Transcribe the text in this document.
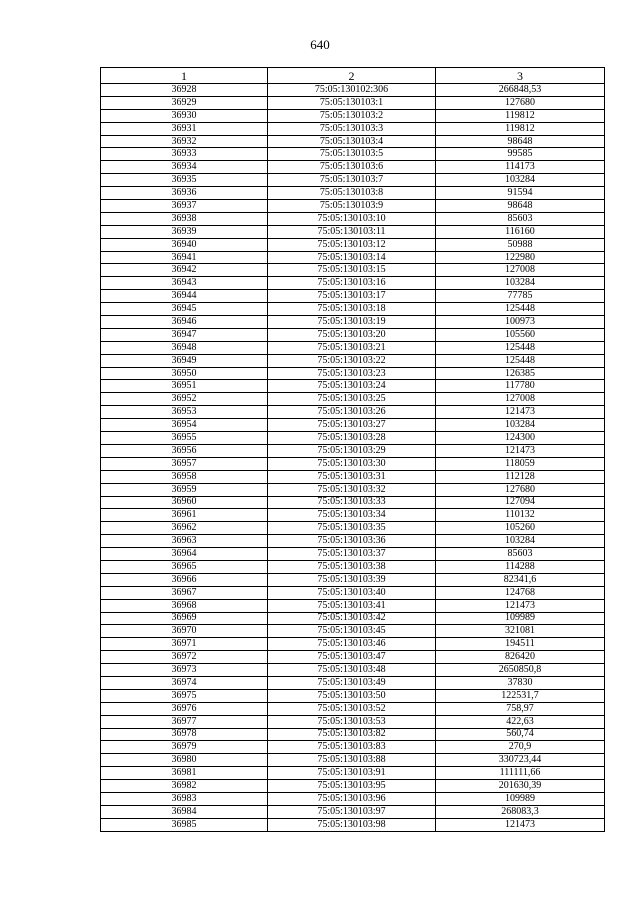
640
1	2	3
36928	75:05:130102:306	266848,53
36929	75:05:130103:1	127680
36930	75:05:130103:2	119812
36931	75:05:130103:3	119812
36932	75:05:130103:4	98648
36933	75:05:130103:5	99585
36934	75:05:130103:6	114173
36935	75:05:130103:7	103284
36936	75:05:130103:8	91594
36937	75:05:130103:9	98648
36938	75:05:130103:10	85603
36939	75:05:130103:11	116160
36940	75:05:130103:12	50988
36941	75:05:130103:14	122980
36942	75:05:130103:15	127008
36943	75:05:130103:16	103284
36944	75:05:130103:17	77785
36945	75:05:130103:18	125448
36946	75:05:130103:19	100973
36947	75:05:130103:20	105560
36948	75:05:130103:21	125448
36949	75:05:130103:22	125448
36950	75:05:130103:23	126385
36951	75:05:130103:24	117780
36952	75:05:130103:25	127008
36953	75:05:130103:26	121473
36954	75:05:130103:27	103284
36955	75:05:130103:28	124300
36956	75:05:130103:29	121473
36957	75:05:130103:30	118059
36958	75:05:130103:31	112128
36959	75:05:130103:32	127680
36960	75:05:130103:33	127094
36961	75:05:130103:34	110132
36962	75:05:130103:35	105260
36963	75:05:130103:36	103284
36964	75:05:130103:37	85603
36965	75:05:130103:38	114288
36966	75:05:130103:39	82341,6
36967	75:05:130103:40	124768
36968	75:05:130103:41	121473
36969	75:05:130103:42	109989
36970	75:05:130103:45	321081
36971	75:05:130103:46	194511
36972	75:05:130103:47	826420
36973	75:05:130103:48	2650850,8
36974	75:05:130103:49	37830
36975	75:05:130103:50	122531,7
36976	75:05:130103:52	758,97
36977	75:05:130103:53	422,63
36978	75:05:130103:82	560,74
36979	75:05:130103:83	270,9
36980	75:05:130103:88	330723,44
36981	75:05:130103:91	111111,66
36982	75:05:130103:95	201630,39
36983	75:05:130103:96	109989
36984	75:05:130103:97	268083,3
36985	75:05:130103:98	121473
